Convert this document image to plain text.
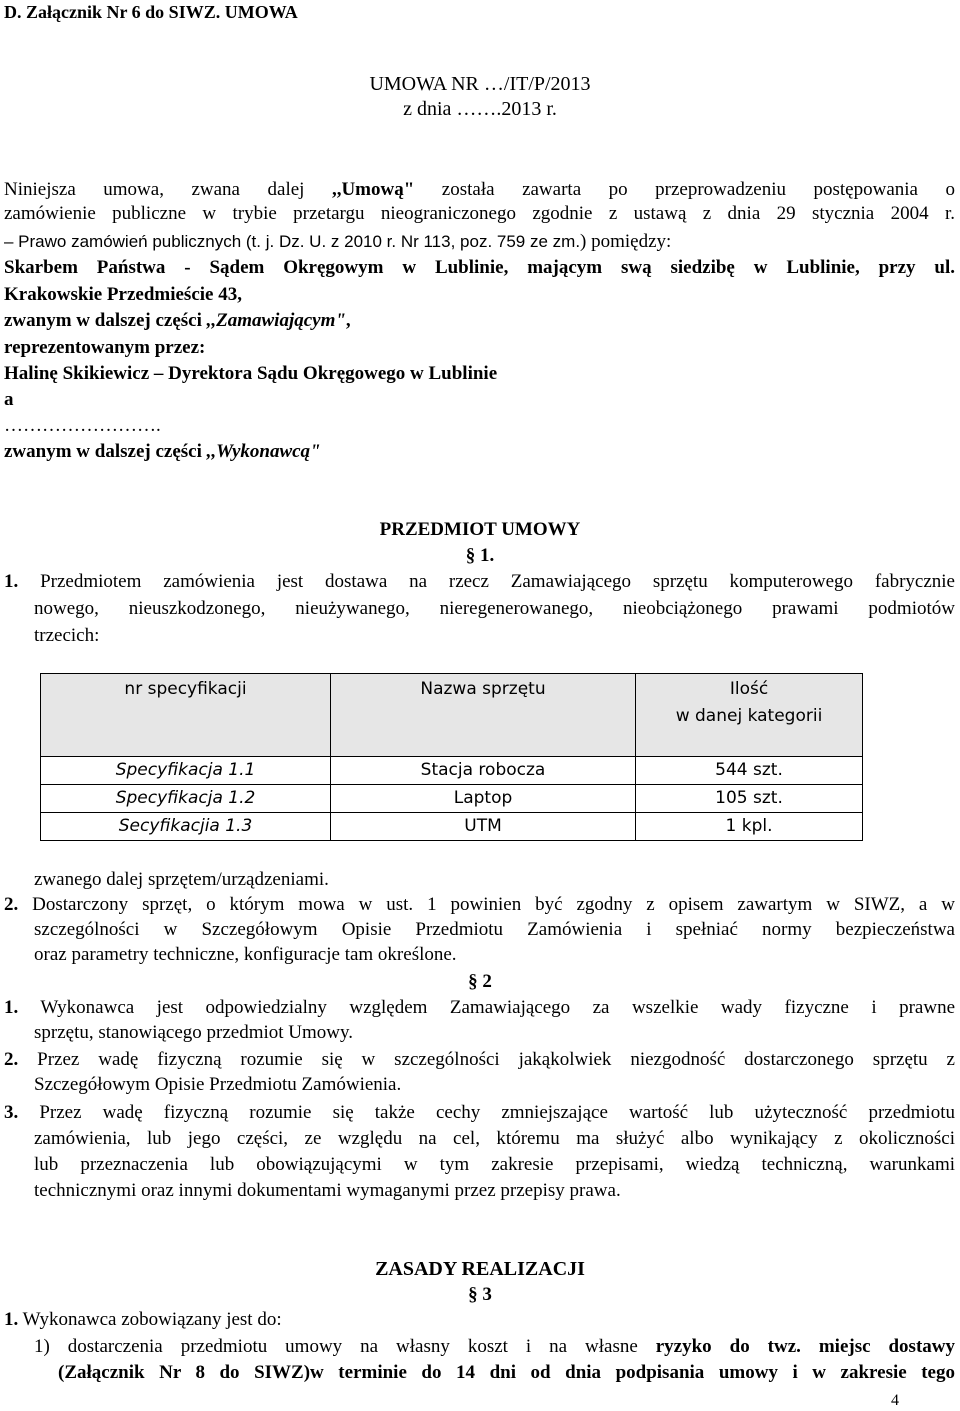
D. Załącznik Nr 6 do SIWZ. UMOWA
UMOWA NR …/IT/P/2013
z dnia …….2013 r.
Niniejsza umowa, zwana dalej ,,Umową" została zawarta po przeprowadzeniu postępowania o
zamówienie publiczne w trybie przetargu nieograniczonego zgodnie z ustawą z dnia 29 stycznia 2004 r.
– Prawo zamówień publicznych (t. j. Dz. U. z 2010 r. Nr 113, poz. 759 ze zm.) pomiędzy:
Skarbem Państwa - Sądem Okręgowym w Lublinie, mającym swą siedzibę w Lublinie, przy ul.
Krakowskie Przedmieście 43,
zwanym w dalszej części ,,Zamawiającym",
reprezentowanym przez:
Halinę Skikiewicz – Dyrektora Sądu Okręgowego w Lublinie
a
…………………….
zwanym w dalszej części ,,Wykonawcą"
PRZEDMIOT UMOWY
§ 1.
1. Przedmiotem zamówienia jest dostawa na rzecz Zamawiającego sprzętu komputerowego fabrycznie
nowego, nieuszkodzonego, nieużywanego, nieregenerowanego, nieobciążonego prawami podmiotów
trzecich:
nr specyfikacji	Nazwa sprzętu	Ilość
w danej kategorii

Specyfikacja 1.1	Stacja robocza	544 szt.
Specyfikacja 1.2	Laptop	105 szt.
Secyfikacjia 1.3	UTM	1 kpl.
zwanego dalej sprzętem/urządzeniami.
2. Dostarczony sprzęt, o którym mowa w ust. 1 powinien być zgodny z opisem zawartym w SIWZ, a w
szczególności w Szczegółowym Opisie Przedmiotu Zamówienia i spełniać normy bezpieczeństwa
oraz parametry techniczne, konfiguracje tam określone.
§ 2
1. Wykonawca jest odpowiedzialny względem Zamawiającego za wszelkie wady fizyczne i prawne
sprzętu, stanowiącego przedmiot Umowy.
2. Przez wadę fizyczną rozumie się w szczególności jakąkolwiek niezgodność dostarczonego sprzętu z
Szczegółowym Opisie Przedmiotu Zamówienia.
3. Przez wadę fizyczną rozumie się także cechy zmniejszające wartość lub użyteczność przedmiotu
zamówienia, lub jego części, ze względu na cel, któremu ma służyć albo wynikający z okoliczności
lub przeznaczenia lub obowiązującymi w tym zakresie przepisami, wiedzą techniczną, warunkami
technicznymi oraz innymi dokumentami wymaganymi przez przepisy prawa.
ZASADY REALIZACJI
§ 3
1. Wykonawca zobowiązany jest do:
1) dostarczenia przedmiotu umowy na własny koszt i na własne ryzyko do twz. miejsc dostawy
(Załącznik Nr 8 do SIWZ)w terminie do 14 dni od dnia podpisania umowy i w zakresie tego
4
